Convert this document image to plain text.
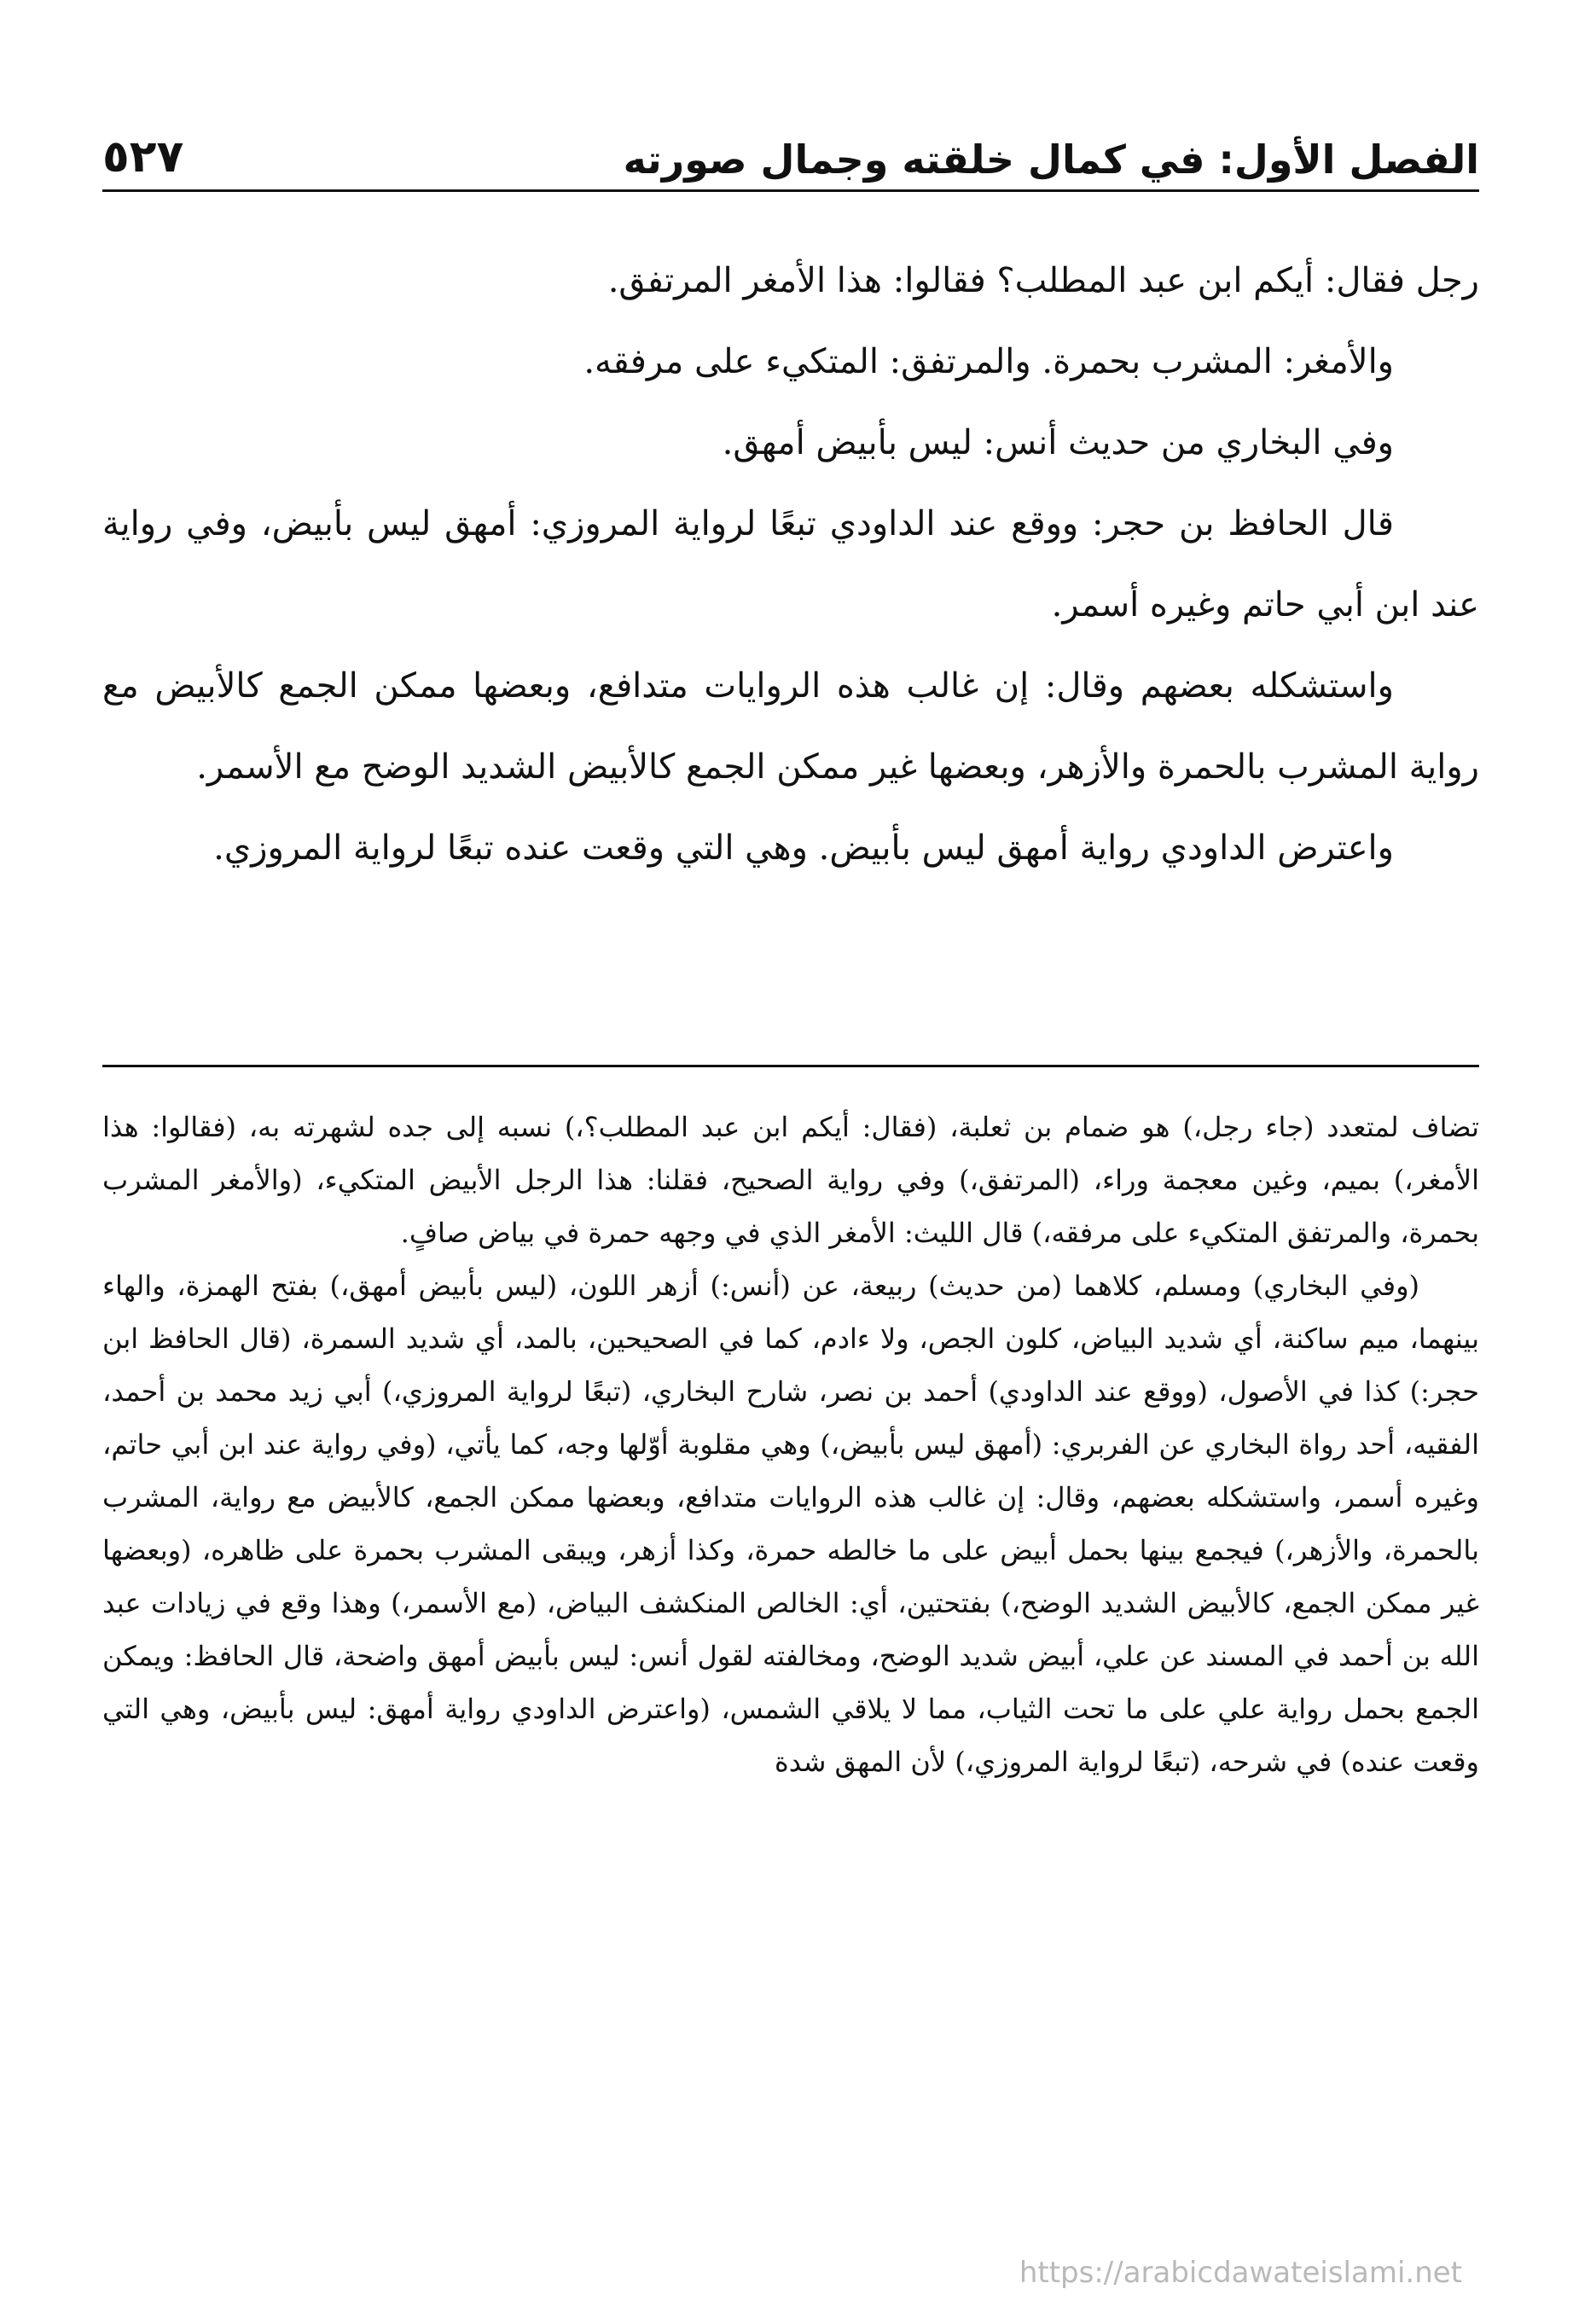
الفصل الأول: في كمال خلقته وجمال صورته
٥٢٧

رجل فقال: أيكم ابن عبد المطلب؟ فقالوا: هذا الأمغر المرتفق.

والأمغر: المشرب بحمرة. والمرتفق: المتكيء على مرفقه.

وفي البخاري من حديث أنس: ليس بأبيض أمهق.

قال الحافظ بن حجر: ووقع عند الداودي تبعًا لرواية المروزي: أمهق ليس بأبيض، وفي رواية عند ابن أبي حاتم وغيره أسمر.

واستشكله بعضهم وقال: إن غالب هذه الروايات متدافع، وبعضها ممكن الجمع كالأبيض مع رواية المشرب بالحمرة والأزهر، وبعضها غير ممكن الجمع كالأبيض الشديد الوضح مع الأسمر.

واعترض الداودي رواية أمهق ليس بأبيض. وهي التي وقعت عنده تبعًا لرواية المروزي.

تضاف لمتعدد (جاء رجل،) هو ضمام بن ثعلبة، (فقال: أيكم ابن عبد المطلب؟،) نسبه إلى جده لشهرته به، (فقالوا: هذا الأمغر،) بميم، وغين معجمة وراء، (المرتفق،) وفي رواية الصحيح، فقلنا: هذا الرجل الأبيض المتكيء، (والأمغر المشرب بحمرة، والمرتفق المتكيء على مرفقه،) قال الليث: الأمغر الذي في وجهه حمرة في بياض صافٍ.

(وفي البخاري) ومسلم، كلاهما (من حديث) ربيعة، عن (أنس:) أزهر اللون، (ليس بأبيض أمهق،) بفتح الهمزة، والهاء بينهما، ميم ساكنة، أي شديد البياض، كلون الجص، ولا ءادم، كما في الصحيحين، بالمد، أي شديد السمرة، (قال الحافظ ابن حجر:) كذا في الأصول، (ووقع عند الداودي) أحمد بن نصر، شارح البخاري، (تبعًا لرواية المروزي،) أبي زيد محمد بن أحمد، الفقيه، أحد رواة البخاري عن الفربري: (أمهق ليس بأبيض،) وهي مقلوبة أوّلها وجه، كما يأتي، (وفي رواية عند ابن أبي حاتم، وغيره أسمر، واستشكله بعضهم، وقال: إن غالب هذه الروايات متدافع، وبعضها ممكن الجمع، كالأبيض مع رواية، المشرب بالحمرة، والأزهر،) فيجمع بينها بحمل أبيض على ما خالطه حمرة، وكذا أزهر، ويبقى المشرب بحمرة على ظاهره، (وبعضها غير ممكن الجمع، كالأبيض الشديد الوضح،) بفتحتين، أي: الخالص المنكشف البياض، (مع الأسمر،) وهذا وقع في زيادات عبد الله بن أحمد في المسند عن علي، أبيض شديد الوضح، ومخالفته لقول أنس: ليس بأبيض أمهق واضحة، قال الحافظ: ويمكن الجمع بحمل رواية علي على ما تحت الثياب، مما لا يلاقي الشمس، (واعترض الداودي رواية أمهق: ليس بأبيض، وهي التي وقعت عنده) في شرحه، (تبعًا لرواية المروزي،) لأن المهق شدة

https://arabicdawateislami.net
